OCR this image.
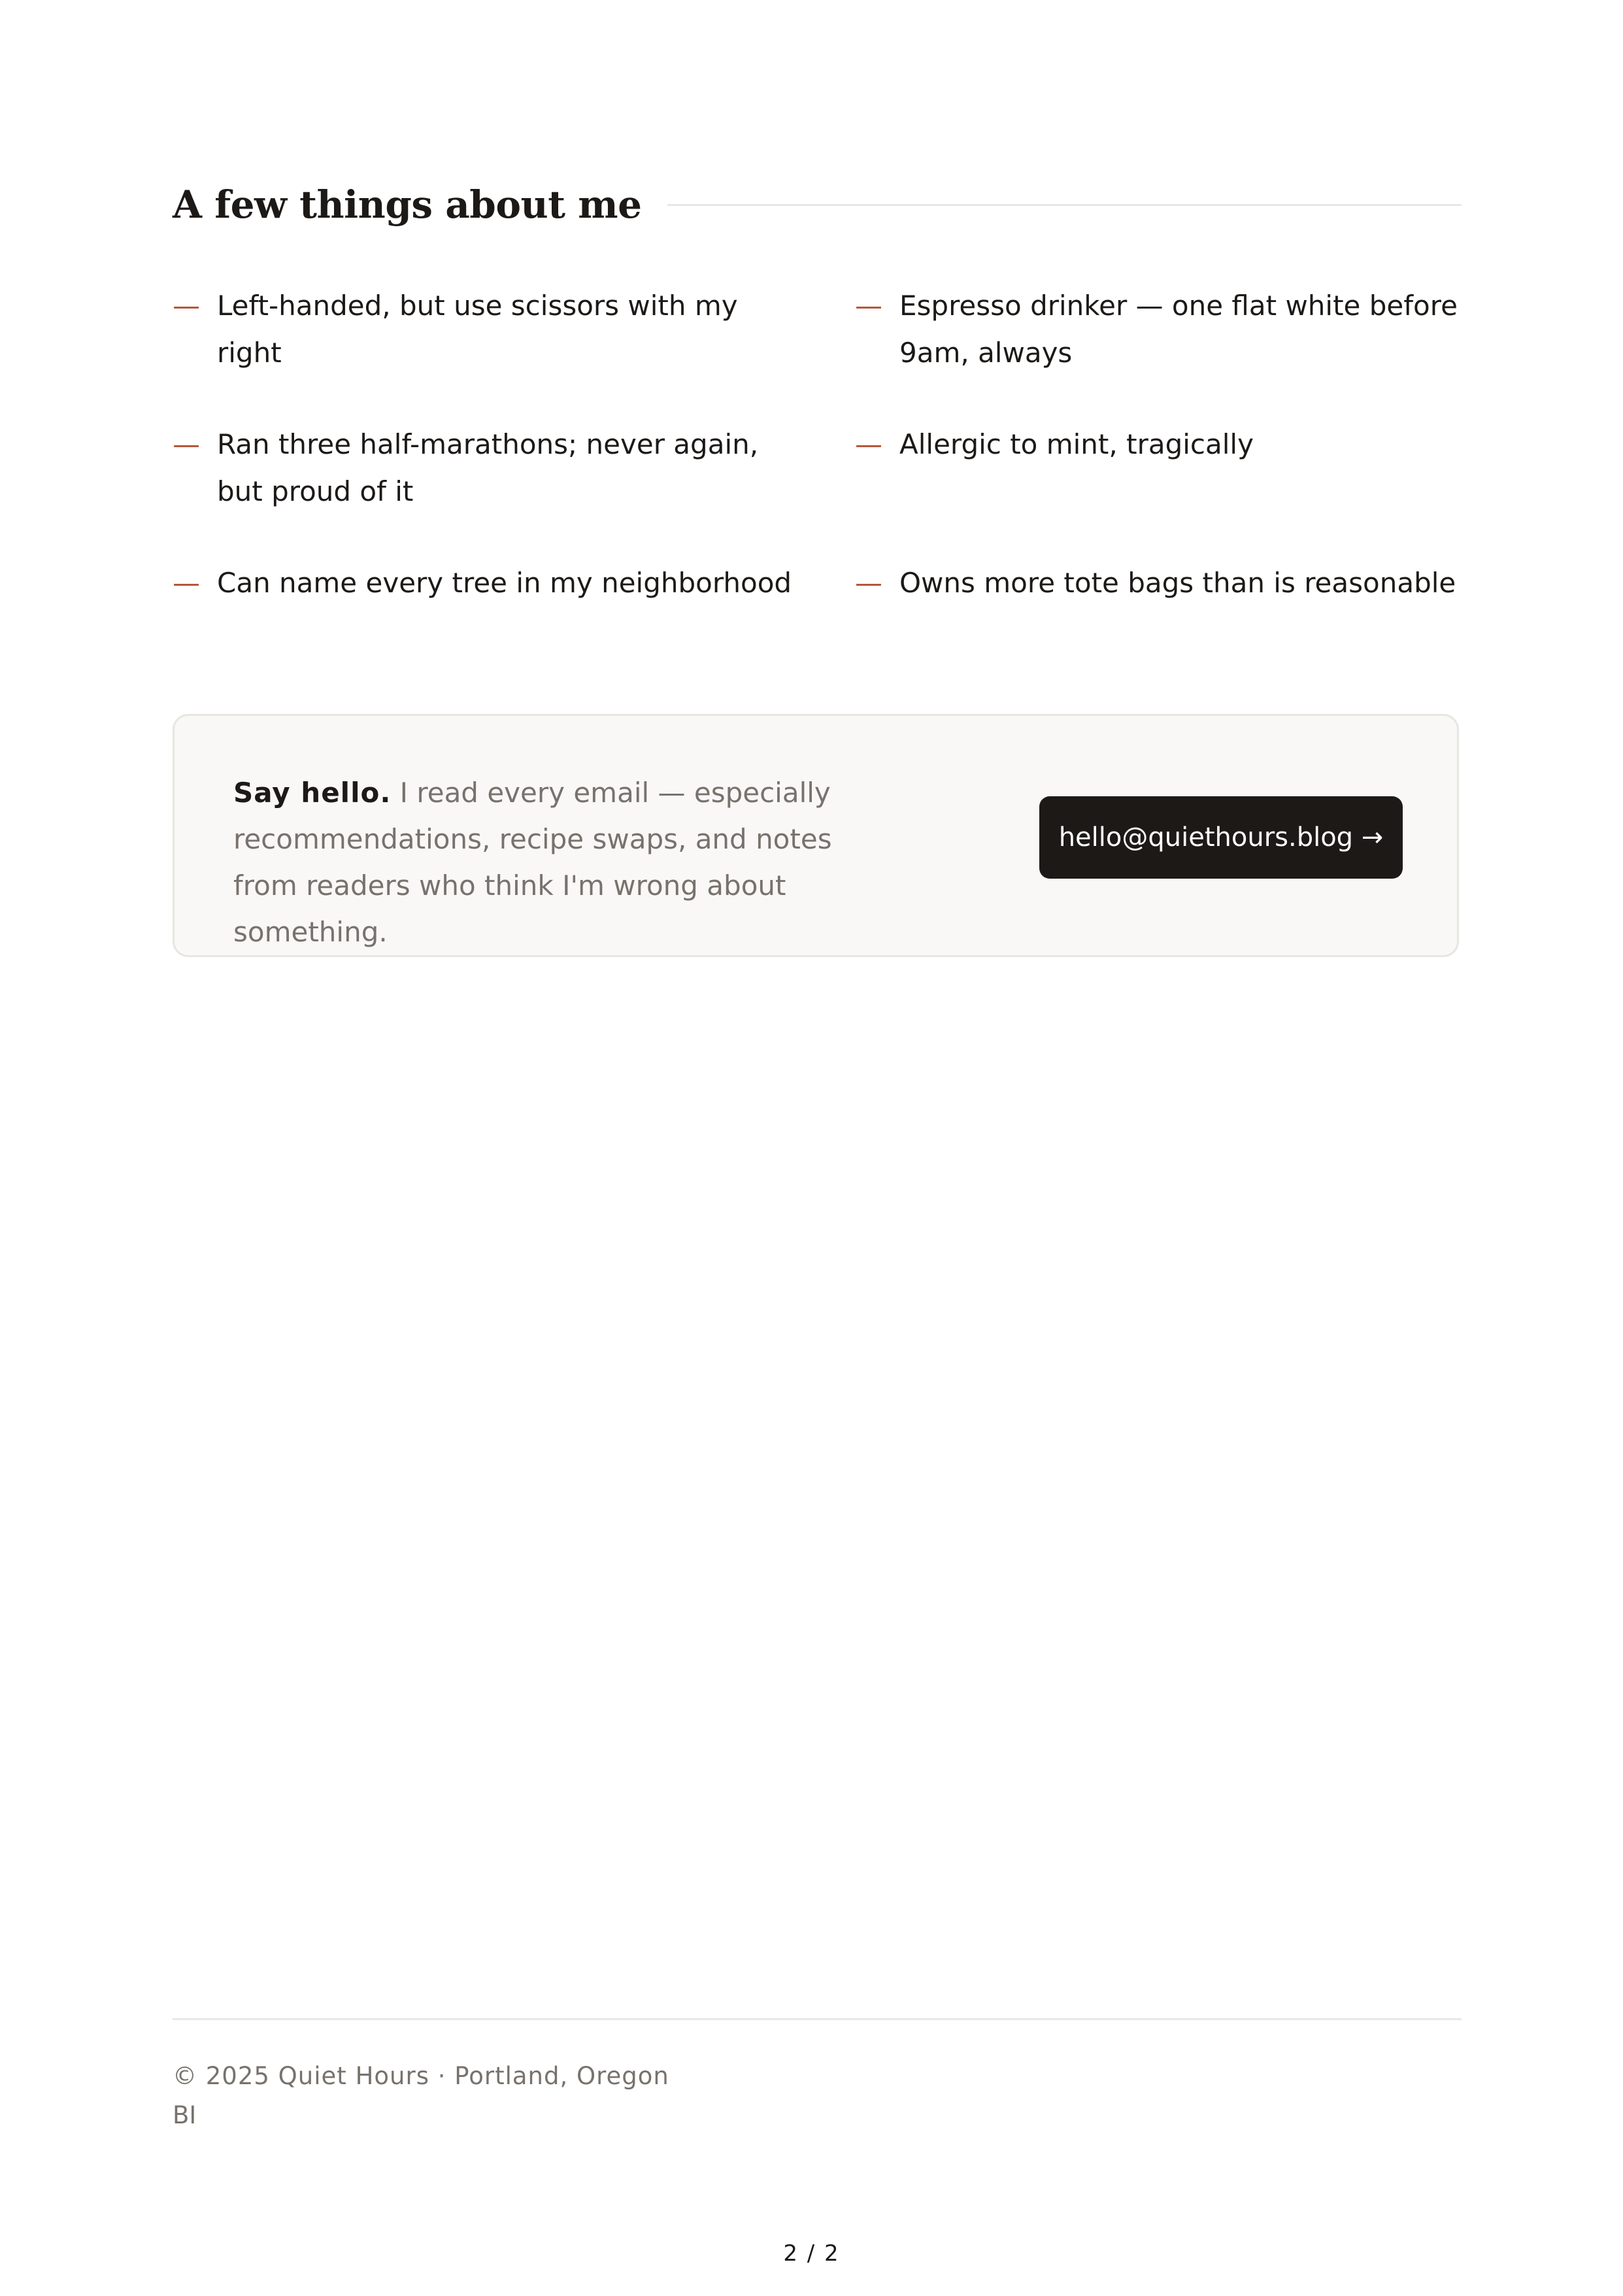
A few things about me
— Left-handed, but use scissors with my right
— Espresso drinker — one flat white before 9am, always
— Ran three half-marathons; never again, but proud of it
— Allergic to mint, tragically
— Can name every tree in my neighborhood — Owns more tote bags than is reasonable
Say hello. I read every email — especially recommendations, recipe swaps, and notes from readers who think I'm wrong about something.
hello@quiethours.blog →
© 2025 Quiet Hours · Portland, Oregon
BI
2 / 2
